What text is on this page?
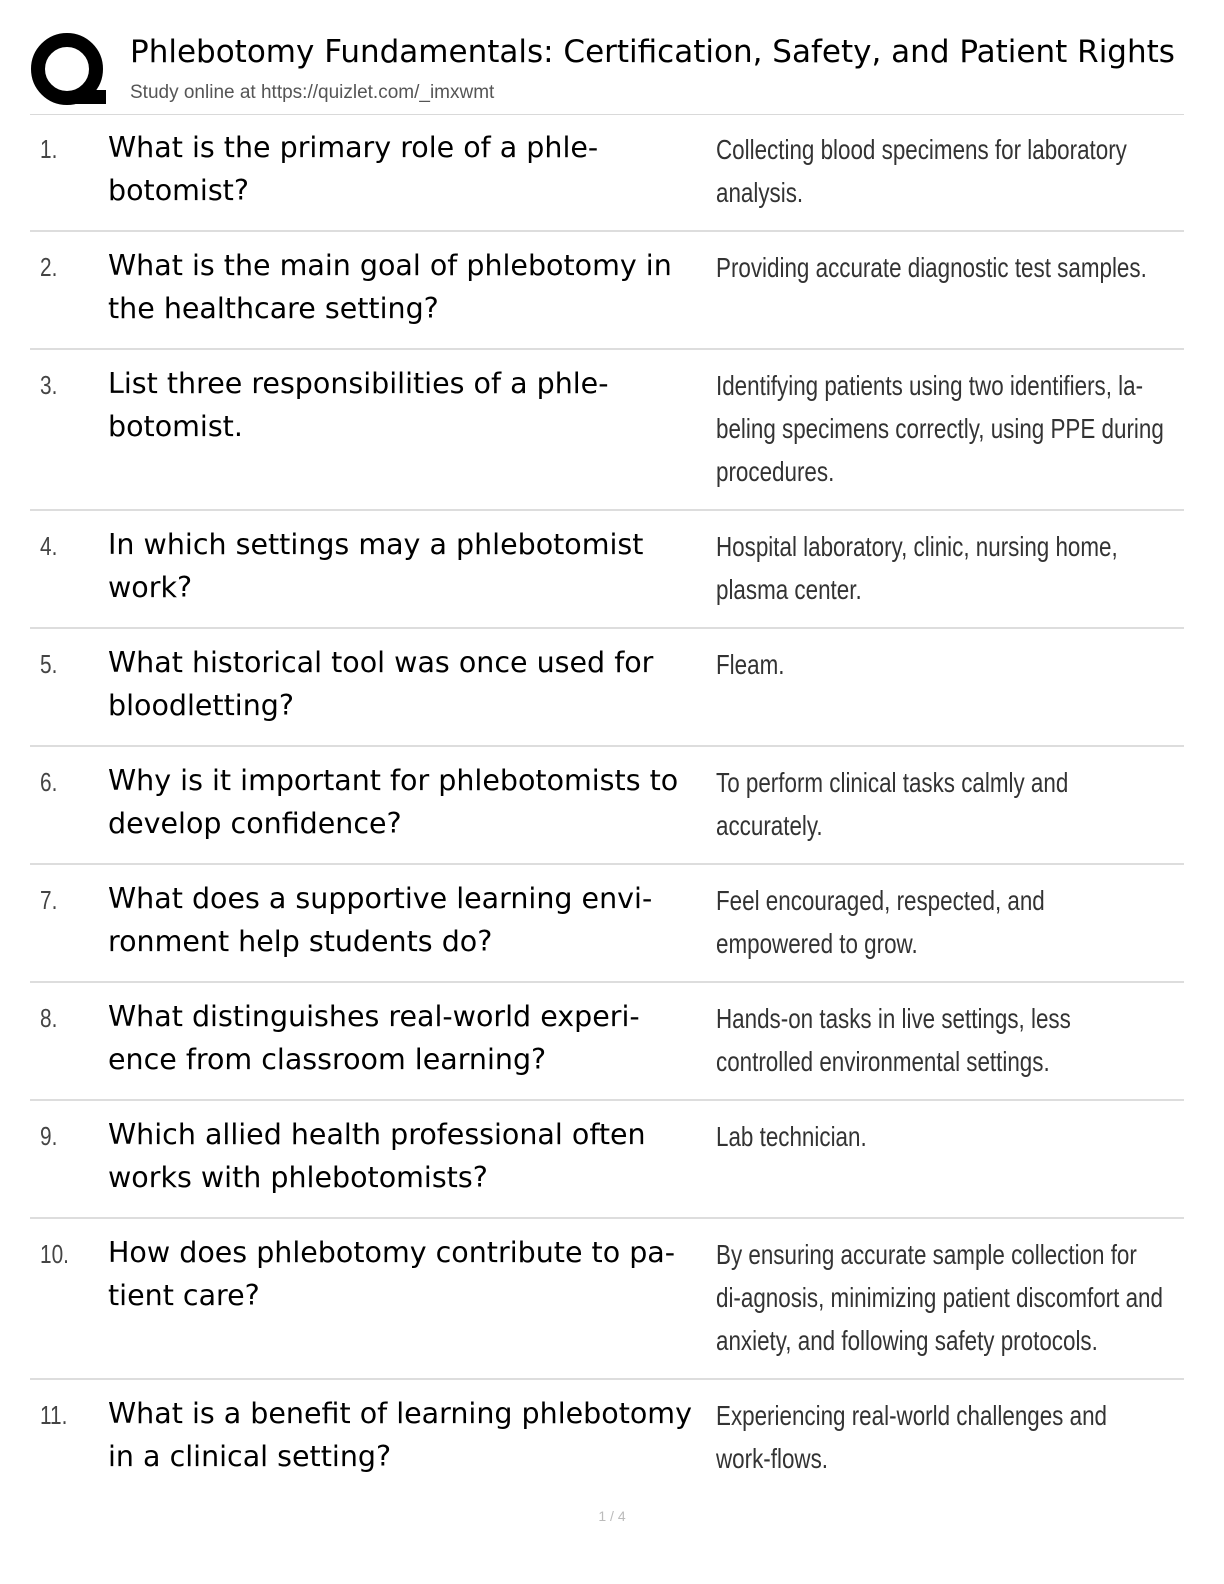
Phlebotomy Fundamentals: Certification, Safety, and Patient Rights
Study online at https://quizlet.com/_imxwmt
1. What is the primary role of a phle-botomist?
Collecting blood specimens for laboratory analysis.
2. What is the main goal of phlebotomy in the healthcare setting?
Providing accurate diagnostic test samples.
3. List three responsibilities of a phle-botomist.
Identifying patients using two identifiers, la-beling specimens correctly, using PPE during procedures.
4. In which settings may a phlebotomist work?
Hospital laboratory, clinic, nursing home, plasma center.
5. What historical tool was once used for bloodletting?
Fleam.
6. Why is it important for phlebotomists to develop confidence?
To perform clinical tasks calmly and accurately.
7. What does a supportive learning envi-ronment help students do?
Feel encouraged, respected, and empowered to grow.
8. What distinguishes real-world experi-ence from classroom learning?
Hands-on tasks in live settings, less controlled environmental settings.
9. Which allied health professional often works with phlebotomists?
Lab technician.
10. How does phlebotomy contribute to pa-tient care?
By ensuring accurate sample collection for di-agnosis, minimizing patient discomfort and anxiety, and following safety protocols.
11. What is a benefit of learning phlebotomy in a clinical setting?
Experiencing real-world challenges and work-flows.
1 / 4
